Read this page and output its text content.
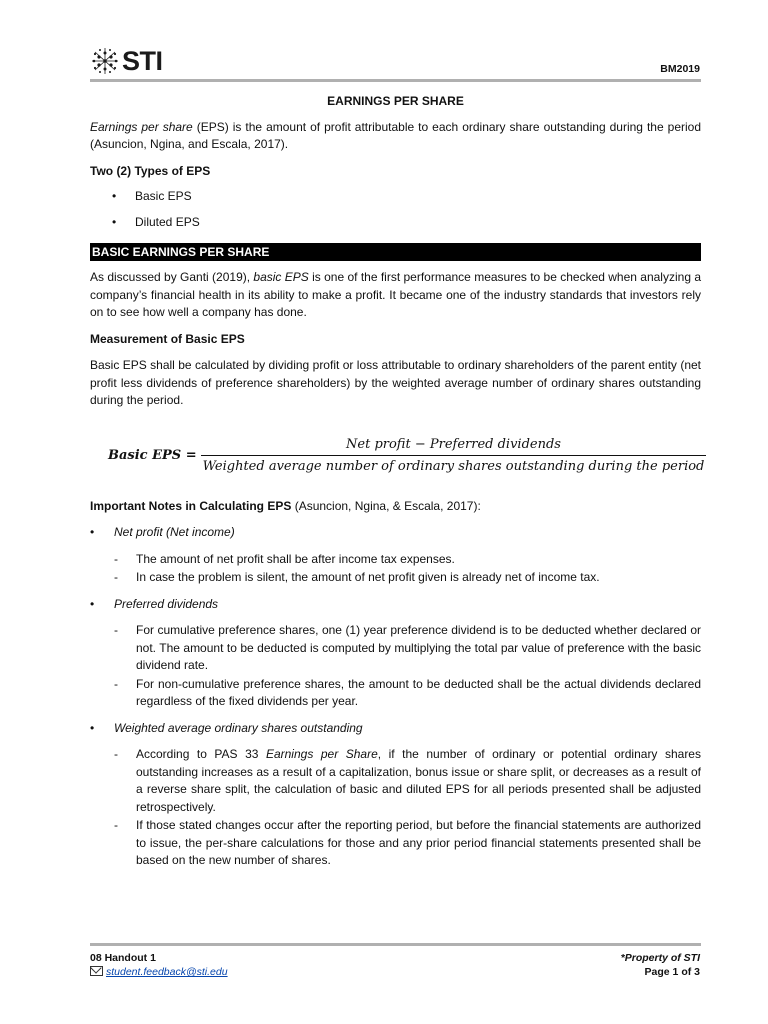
STI	BM2019
EARNINGS PER SHARE

Earnings per share (EPS) is the amount of profit attributable to each ordinary share outstanding during the period (Asuncion, Ngina, and Escala, 2017).

Two (2) Types of EPS

• Basic EPS
• Diluted EPS
BASIC EARNINGS PER SHARE

As discussed by Ganti (2019), basic EPS is one of the first performance measures to be checked when analyzing a company’s financial health in its ability to make a profit. It became one of the industry standards that investors rely on to see how well a company has done.

Measurement of Basic EPS

Basic EPS shall be calculated by dividing profit or loss attributable to ordinary shareholders of the parent entity (net profit less dividends of preference shareholders) by the weighted average number of ordinary shares outstanding during the period.

Basic EPS =
Net profit − Preferred dividends
Weighted average number of ordinary shares outstanding during the period

Important Notes in Calculating EPS (Asuncion, Ngina, & Escala, 2017):

• Net profit (Net income)
- The amount of net profit shall be after income tax expenses.
- In case the problem is silent, the amount of net profit given is already net of income tax.
• Preferred dividends
- For cumulative preference shares, one (1) year preference dividend is to be deducted whether declared or not. The amount to be deducted is computed by multiplying the total par value of preference with the basic dividend rate.
- For non-cumulative preference shares, the amount to be deducted shall be the actual dividends declared regardless of the fixed dividends per year.
• Weighted average ordinary shares outstanding
- According to PAS 33 Earnings per Share, if the number of ordinary or potential ordinary shares outstanding increases as a result of a capitalization, bonus issue or share split, or decreases as a result of a reverse share split, the calculation of basic and diluted EPS for all periods presented shall be adjusted retrospectively.
- If those stated changes occur after the reporting period, but before the financial statements are authorized to issue, the per-share calculations for those and any prior period financial statements presented shall be based on the new number of shares.
08 Handout 1
student.feedback@sti.edu
*Property of STI
Page 1 of 3
